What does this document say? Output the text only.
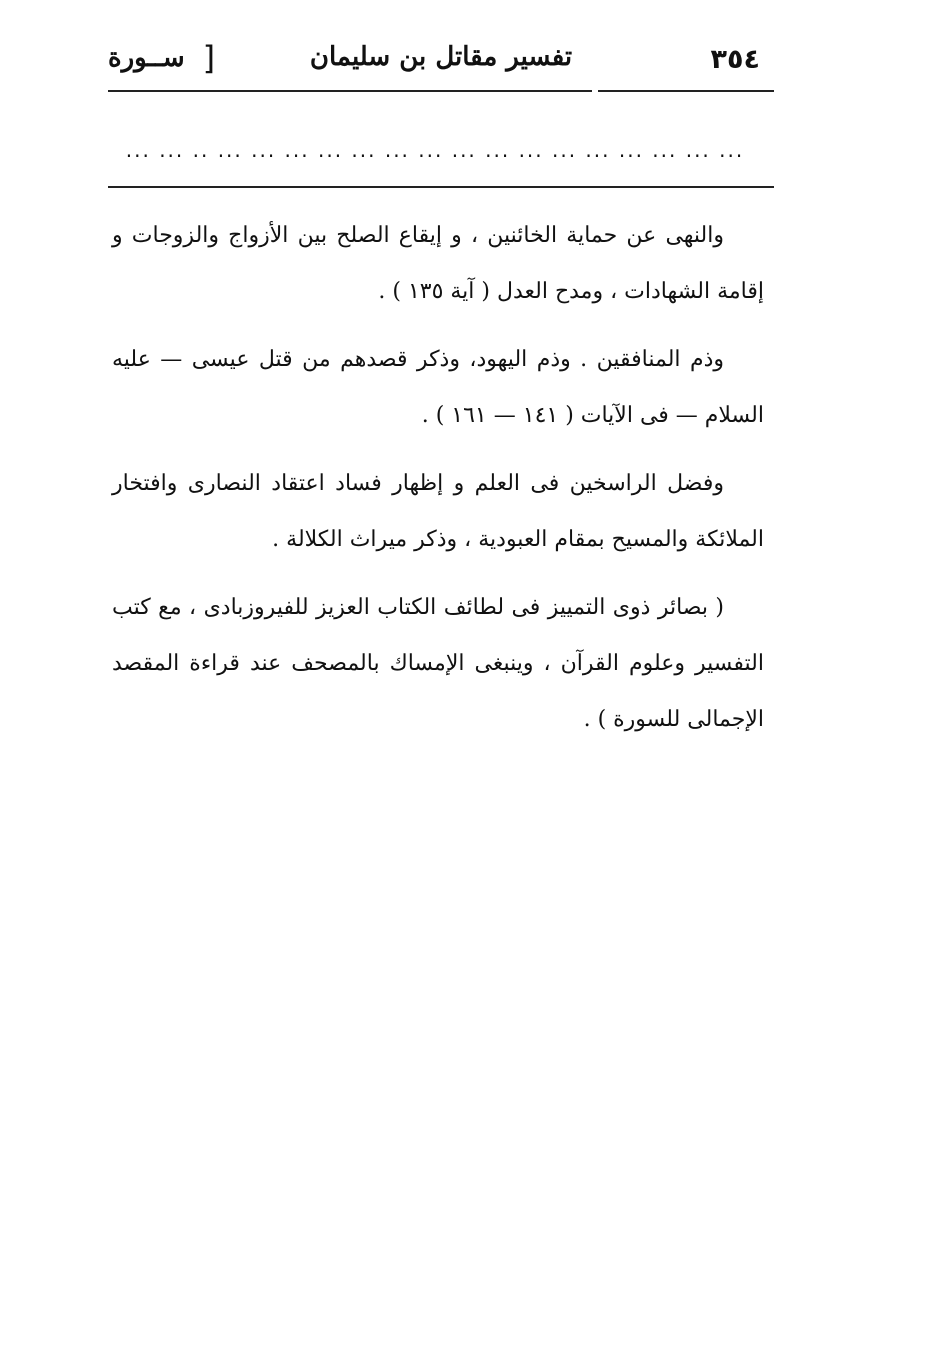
٣٥٤
تفسير مقاتل بن سليمان
[
ســورة
... ... ... ... ... ... ... ... ... ... ... ... ... ... ... ... .. ... ...

والنهى عن حماية الخائنين ، و إيقاع الصلح بين الأزواج والزوجات و إقامة الشهادات ، ومدح العدل ( آية ١٣٥ ) .

وذم المنافقين . وذم اليهود، وذكر قصدهم من قتل عيسى — عليه السلام — فى الآيات ( ١٤١ — ١٦١ ) .

وفضل الراسخين فى العلم و إظهار فساد اعتقاد النصارى وافتخار الملائكة والمسيح بمقام العبودية ، وذكر ميراث الكلالة .

( بصائر ذوى التمييز فى لطائف الكتاب العزيز للفيروزبادى ، مع كتب التفسير وعلوم القرآن ، وينبغى الإمساك بالمصحف عند قراءة المقصد الإجمالى للسورة ) .
